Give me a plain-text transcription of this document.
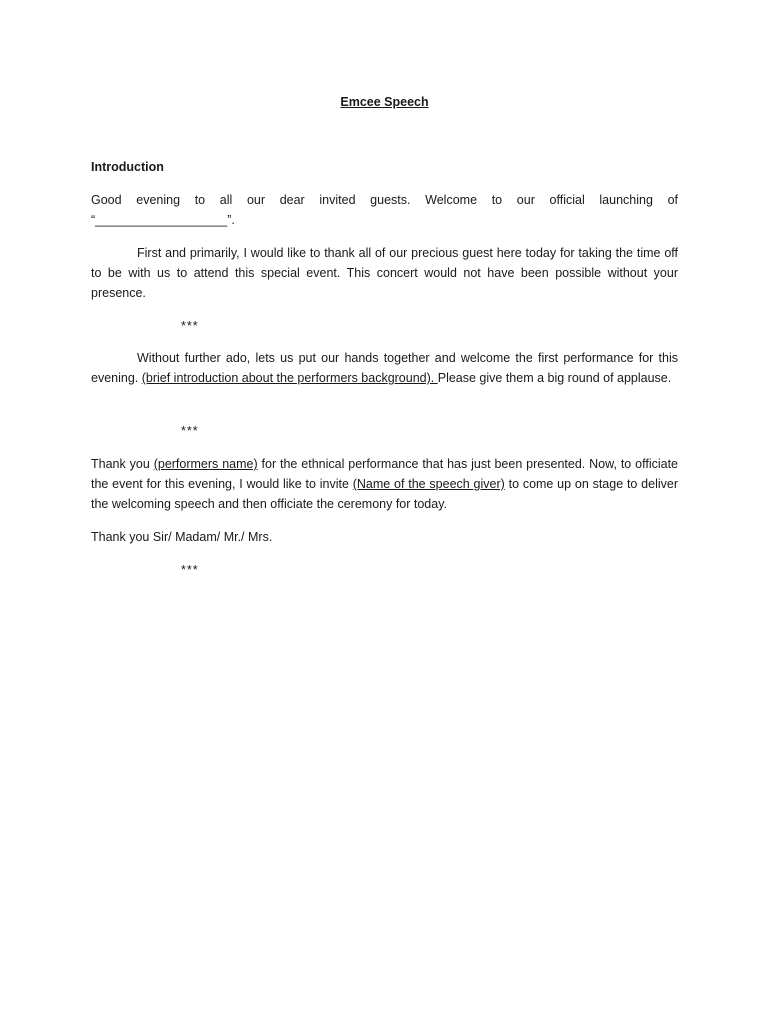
Emcee Speech
Introduction
Good evening to all our dear invited guests. Welcome to our official launching of “___________________”.
First and primarily, I would like to thank all of our precious guest here today for taking the time off to be with us to attend this special event. This concert would not have been possible without your presence.
***
Without further ado, lets us put our hands together and welcome the first performance for this evening. (brief introduction about the performers background). Please give them a big round of applause.
***
Thank you (performers name) for the ethnical performance that has just been presented. Now, to officiate the event for this evening, I would like to invite (Name of the speech giver) to come up on stage to deliver the welcoming speech and then officiate the ceremony for today.
Thank you Sir/ Madam/ Mr./ Mrs.
***
